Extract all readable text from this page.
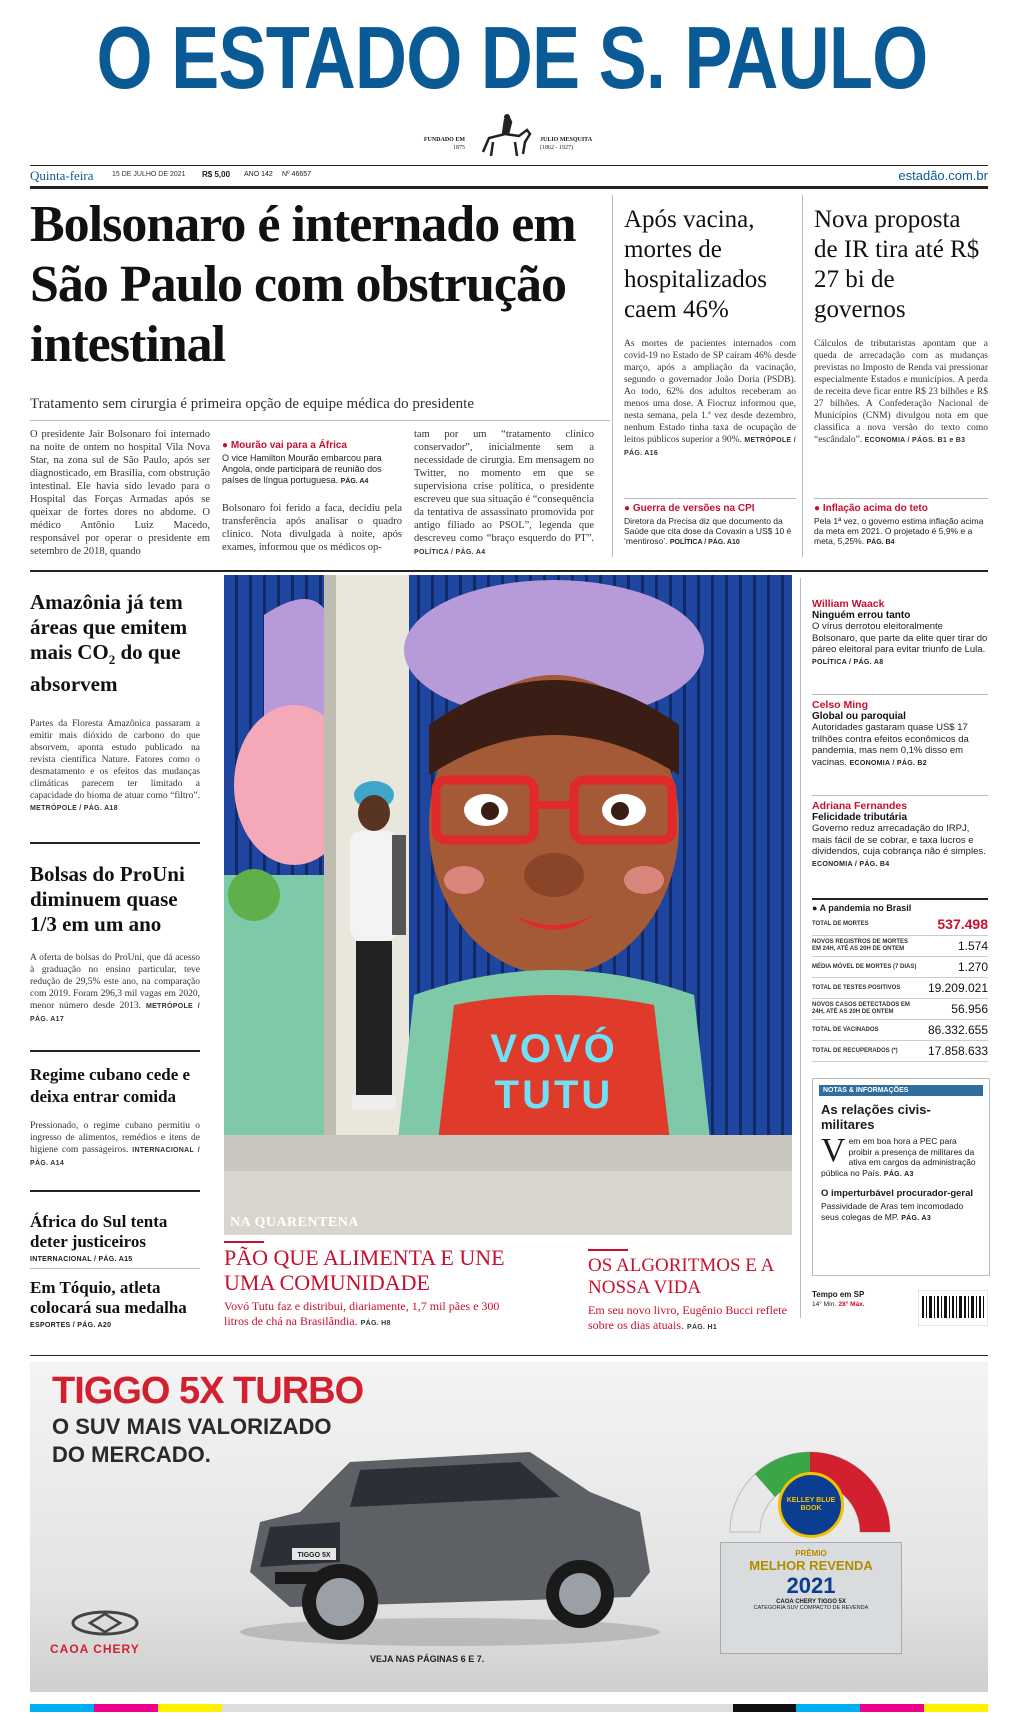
O ESTADO DE S. PAULO
FUNDADO EM
1875
JULIO MESQUITA
(1862 - 1927)
Quinta-feira	15 DE JULHO DE 2021 R$ 5,00 ANO 142 Nº 46657	estadão.com.br
Bolsonaro é internado em São Paulo com obstrução intestinal
Tratamento sem cirurgia é primeira opção de equipe médica do presidente

O presidente Jair Bolsonaro foi internado na noite de ontem no hospital Vila Nova Star, na zona sul de São Paulo, após ser diagnosticado, em Brasília, com obstrução intestinal. Ele havia sido levado para o Hospital das Forças Armadas após se queixar de fortes dores no abdome. O médico Antônio Luiz Macedo, responsável por operar o presidente em setembro de 2018, quando

● Mourão vai para a África

O vice Hamilton Mourão embarcou para Angola, onde participará de reunião dos países de língua portuguesa. PÁG. A4

Bolsonaro foi ferido a faca, decidiu pela transferência após analisar o quadro clínico. Nota divulgada à noite, após exames, informou que os médicos op-

tam por um “tratamento clínico conservador”, inicialmente sem a necessidade de cirurgia. Em mensagem no Twitter, no momento em que se supervisiona crise política, o presidente escreveu que sua situação é “consequência da tentativa de assassinato promovida por antigo filiado ao PSOL”, legenda que descreveu como “braço esquerdo do PT”. POLÍTICA / PÁG. A4

Após vacina, mortes de hospitalizados caem 46%

As mortes de pacientes internados com covid-19 no Estado de SP caíram 46% desde março, após a ampliação da vacinação, segundo o governador João Doria (PSDB). Ao todo, 62% dos adultos receberam ao menos uma dose. A Fiocruz informou que, nesta semana, pela 1.ª vez desde dezembro, nenhum Estado tinha taxa de ocupação de leitos públicos superior a 90%. METRÓPOLE / PÁG. A16

● Guerra de versões na CPI

Diretora da Precisa diz que documento da Saúde que cita dose da Covaxin a US$ 10 é ‘mentiroso’. POLÍTICA / PÁG. A10

Nova proposta de IR tira até R$ 27 bi de governos

Cálculos de tributaristas apontam que a queda de arrecadação com as mudanças previstas no Imposto de Renda vai pressionar especialmente Estados e municípios. A perda de receita deve ficar entre R$ 23 bilhões e R$ 27 bilhões. A Confederação Nacional de Municípios (CNM) divulgou nota em que classifica a nova versão do texto como “escândalo”. ECONOMIA / PÁGS. B1 e B3

● Inflação acima do teto

Pela 1ª vez, o governo estima inflação acima da meta em 2021. O projetado é 5,9% e a meta, 5,25%. PÁG. B4

Amazônia já tem áreas que emitem mais $CO_2$ do que absorvem

Partes da Floresta Amazônica passaram a emitir mais dióxido de carbono do que absorvem, aponta estudo publicado na revista científica Nature. Fatores como o desmatamento e os efeitos das mudanças climáticas parecem ter limitado a capacidade do bioma de atuar como “filtro”. METRÓPOLE / PÁG. A18

Bolsas do ProUni diminuem quase 1/3 em um ano

A oferta de bolsas do ProUni, que dá acesso à graduação no ensino particular, teve redução de 29,5% este ano, na comparação com 2019. Foram 296,3 mil vagas em 2020, menor número desde 2013. METRÓPOLE / PÁG. A17

Regime cubano cede e deixa entrar comida

Pressionado, o regime cubano permitiu o ingresso de alimentos, remédios e itens de higiene com passageiros. INTERNACIONAL / PÁG. A14

África do Sul tenta deter justiceiros
INTERNACIONAL / PÁG. A15
Em Tóquio, atleta colocará sua medalha
ESPORTES / PÁG. A20
VOVÓ
TUTU
NA QUARENTENA
PÃO QUE ALIMENTA E UNE UMA COMUNIDADE

Vovó Tutu faz e distribui, diariamente, 1,7 mil pães e 300 litros de chá na Brasilândia. PÁG. H8

OS ALGORITMOS E A NOSSA VIDA

Em seu novo livro, Eugênio Bucci reflete sobre os dias atuais. PÁG. H1

William Waack

Ninguém errou tanto

O vírus derrotou eleitoralmente Bolsonaro, que parte da elite quer tirar do páreo eleitoral para evitar triunfo de Lula. POLÍTICA / PÁG. A8

Celso Ming

Global ou paroquial

Autoridades gastaram quase US$ 17 trilhões contra efeitos econômicos da pandemia, mas nem 0,1% disso em vacinas. ECONOMIA / PÁG. B2

Adriana Fernandes

Felicidade tributária

Governo reduz arrecadação do IRPJ, mais fácil de se cobrar, e taxa lucros e dividendos, cuja cobrança não é simples. ECONOMIA / PÁG. B4

● A pandemia no Brasil
TOTAL DE MORTES	537.498
NOVOS REGISTROS DE MORTES EM 24H, ATÉ AS 20H DE ONTEM	1.574
MÉDIA MÓVEL DE MORTES (7 DIAS)	1.270
TOTAL DE TESTES POSITIVOS	19.209.021
NOVOS CASOS DETECTADOS EM 24H, ATÉ AS 20H DE ONTEM	56.956
TOTAL DE VACINADOS	86.332.655
TOTAL DE RECUPERADOS (*)	17.858.633
NOTAS & INFORMAÇÕES
As relações civis-militares
V em em boa hora a PEC para proibir a presença de militares da ativa em cargos da administração pública no País. PÁG. A3
O imperturbável procurador-geral
Passividade de Aras tem incomodado seus colegas de MP. PÁG. A3
Tempo em SP
14° Mín. 28° Máx.
TIGGO 5X TURBO
O SUV MAIS VALORIZADO
DO MERCADO.
TIGGO 5X
CAOA CHERY
VEJA NAS PÁGINAS 6 E 7.
KELLEY BLUE BOOK
PRÊMIO
MELHOR REVENDA
2021
CAOA CHERY TIGGO 5X
CATEGORIA SUV COMPACTO DE REVENDA
